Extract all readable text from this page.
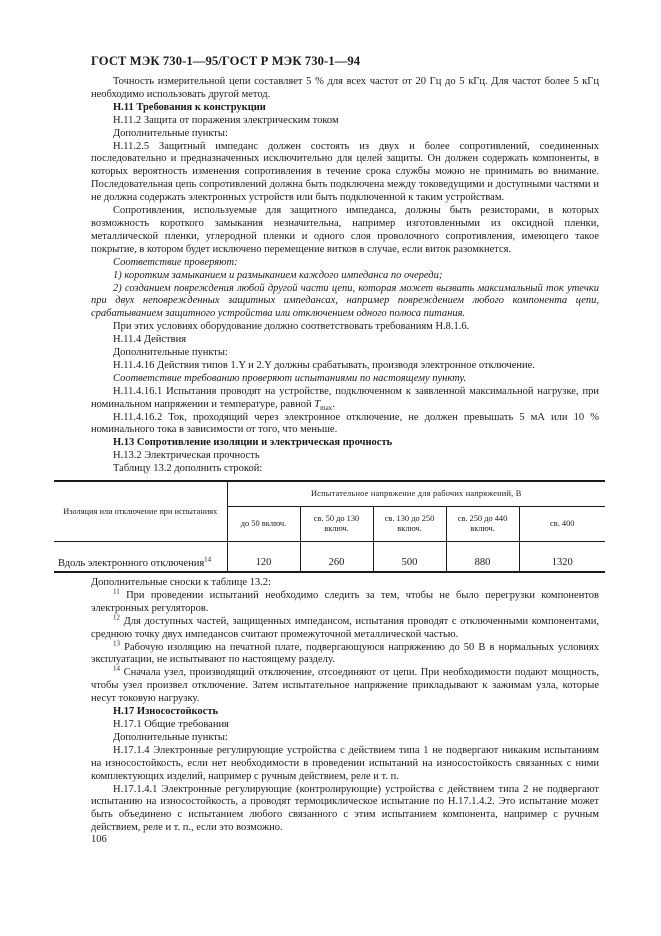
ГОСТ МЭК 730-1—95/ГОСТ Р МЭК 730-1—94

Точность измерительной цепи составляет 5 % для всех частот от 20 Гц до 5 кГц. Для частот более 5 кГц необходимо использовать другой метод.

Н.11 Требования к конструкции

Н.11.2 Защита от поражения электрическим током

Дополнительные пункты:

Н.11.2.5 Защитный импеданс должен состоять из двух и более сопротивлений, соединенных последовательно и предназначенных исключительно для целей защиты. Он должен содержать компоненты, в которых вероятность изменения сопротивления в течение срока службы можно не принимать во внимание. Последовательная цепь сопротивлений должна быть подключена между токоведущими и доступными частями и не должна содержать электронных устройств или быть подключенной к таким устройствам.

Сопротивления, используемые для защитного импеданса, должны быть резисторами, в которых возможность короткого замыкания незначительна, например изготовленными из оксидной пленки, металлической пленки, углеродной пленки и одного слоя проволочного сопротивления, имеющего такое покрытие, в котором будет исключено перемещение витков в случае, если виток разомкнется.

Соответствие проверяют:

1) коротким замыканием и размыканием каждого импеданса по очереди;

2) созданием повреждения любой другой части цепи, которая может вызвать максимальный ток утечки при двух неповрежденных защитных импедансах, например повреждением любого компонента цепи, срабатыванием защитного устройства или отключением одного полюса питания.

При этих условиях оборудование должно соответствовать требованиям Н.8.1.6.

Н.11.4 Действия

Дополнительные пункты:

Н.11.4.16 Действия типов 1.Y и 2.Y должны срабатывать, производя электронное отключение.

Соответствие требованию проверяют испытаниями по настоящему пункту.

Н.11.4.16.1 Испытания проводят на устройстве, подключенном к заявленной максимальной нагрузке, при номинальном напряжении и температуре, равной $T_{max}$.

Н.11.4.16.2 Ток, проходящий через электронное отключение, не должен превышать 5 мА или 10 % номинального тока в зависимости от того, что меньше.

Н.13 Сопротивление изоляции и электрическая прочность

Н.13.2 Электрическая прочность

Таблицу 13.2 дополнить строкой:

Изоляция или отключение при испытаниях	Испытательное напряжение для рабочих напряжений, В				
	до 50 включ.	св. 50 до 130 включ.	св. 130 до 250 включ.	св. 250 до 440 включ.	св. 400
Вдоль электронного отключения$^{14}$	120	260	500	880	1320

Дополнительные сноски к таблице 13.2:

$^{11}$ При проведении испытаний необходимо следить за тем, чтобы не было перегрузки компонентов электронных регуляторов.

$^{12}$ Для доступных частей, защищенных импедансом, испытания проводят с отключенными компонентами, среднюю точку двух импедансов считают промежуточной металлической частью.

$^{13}$ Рабочую изоляцию на печатной плате, подвергающуюся напряжению до 50 В в нормальных условиях эксплуатации, не испытывают по настоящему разделу.

$^{14}$ Сначала узел, производящий отключение, отсоединяют от цепи. При необходимости подают мощность, чтобы узел произвел отключение. Затем испытательное напряжение прикладывают к зажимам узла, которые несут токовую нагрузку.

Н.17 Износостойкость

Н.17.1 Общие требования

Дополнительные пункты:

Н.17.1.4 Электронные регулирующие устройства с действием типа 1 не подвергают никаким испытаниям на износостойкость, если нет необходимости в проведении испытаний на износостойкость связанных с ними комплектующих изделий, например с ручным действием, реле и т. п.

Н.17.1.4.1 Электронные регулирующие (контролирующие) устройства с действием типа 2 не подвергают испытанию на износостойкость, а проводят термоциклическое испытание по Н.17.1.4.2. Это испытание может быть объединено с испытанием любого связанного с этим испытанием компонента, например с ручным действием, реле и т. п., если это возможно.

106
